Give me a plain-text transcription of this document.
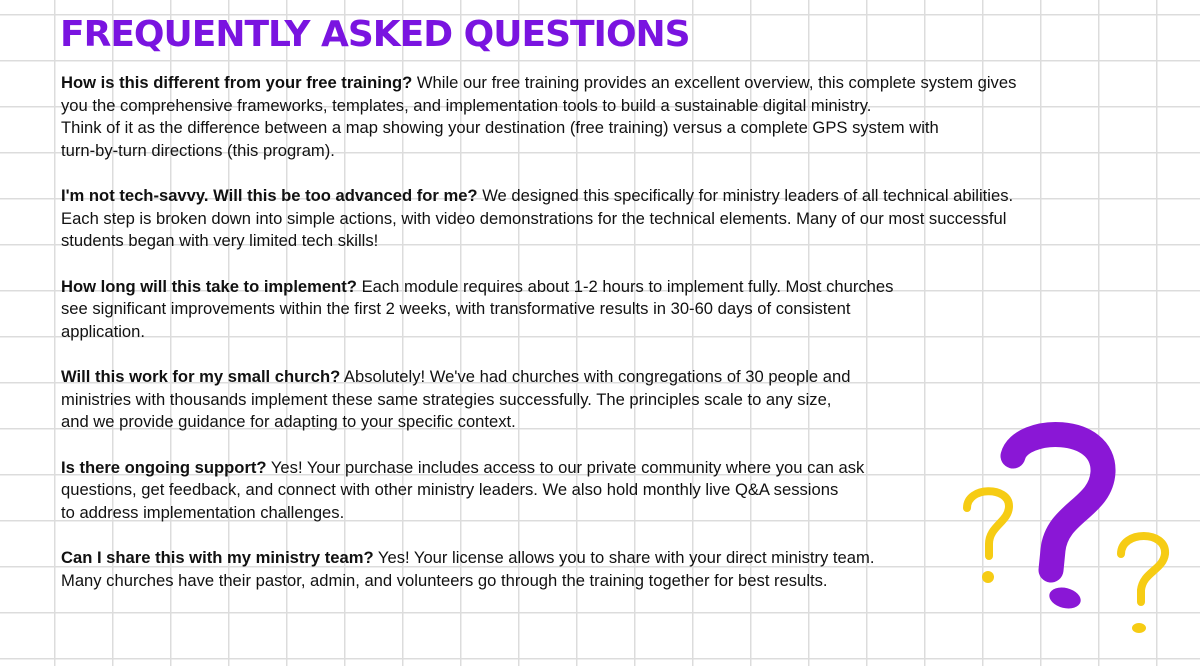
FREQUENTLY ASKED QUESTIONS

How is this different from your free training? While our free training provides an excellent overview, this complete system gives
you the comprehensive frameworks, templates, and implementation tools to build a sustainable digital ministry.
Think of it as the difference between a map showing your destination (free training) versus a complete GPS system with
turn-by-turn directions (this program).

I'm not tech-savvy. Will this be too advanced for me? We designed this specifically for ministry leaders of all technical abilities.
Each step is broken down into simple actions, with video demonstrations for the technical elements. Many of our most successful
students began with very limited tech skills!

How long will this take to implement? Each module requires about 1-2 hours to implement fully. Most churches
see significant improvements within the first 2 weeks, with transformative results in 30-60 days of consistent
application.

Will this work for my small church? Absolutely! We've had churches with congregations of 30 people and
ministries with thousands implement these same strategies successfully. The principles scale to any size,
and we provide guidance for adapting to your specific context.

Is there ongoing support? Yes! Your purchase includes access to our private community where you can ask
questions, get feedback, and connect with other ministry leaders. We also hold monthly live Q&A sessions
to address implementation challenges.

Can I share this with my ministry team? Yes! Your license allows you to share with your direct ministry team.
Many churches have their pastor, admin, and volunteers go through the training together for best results.
